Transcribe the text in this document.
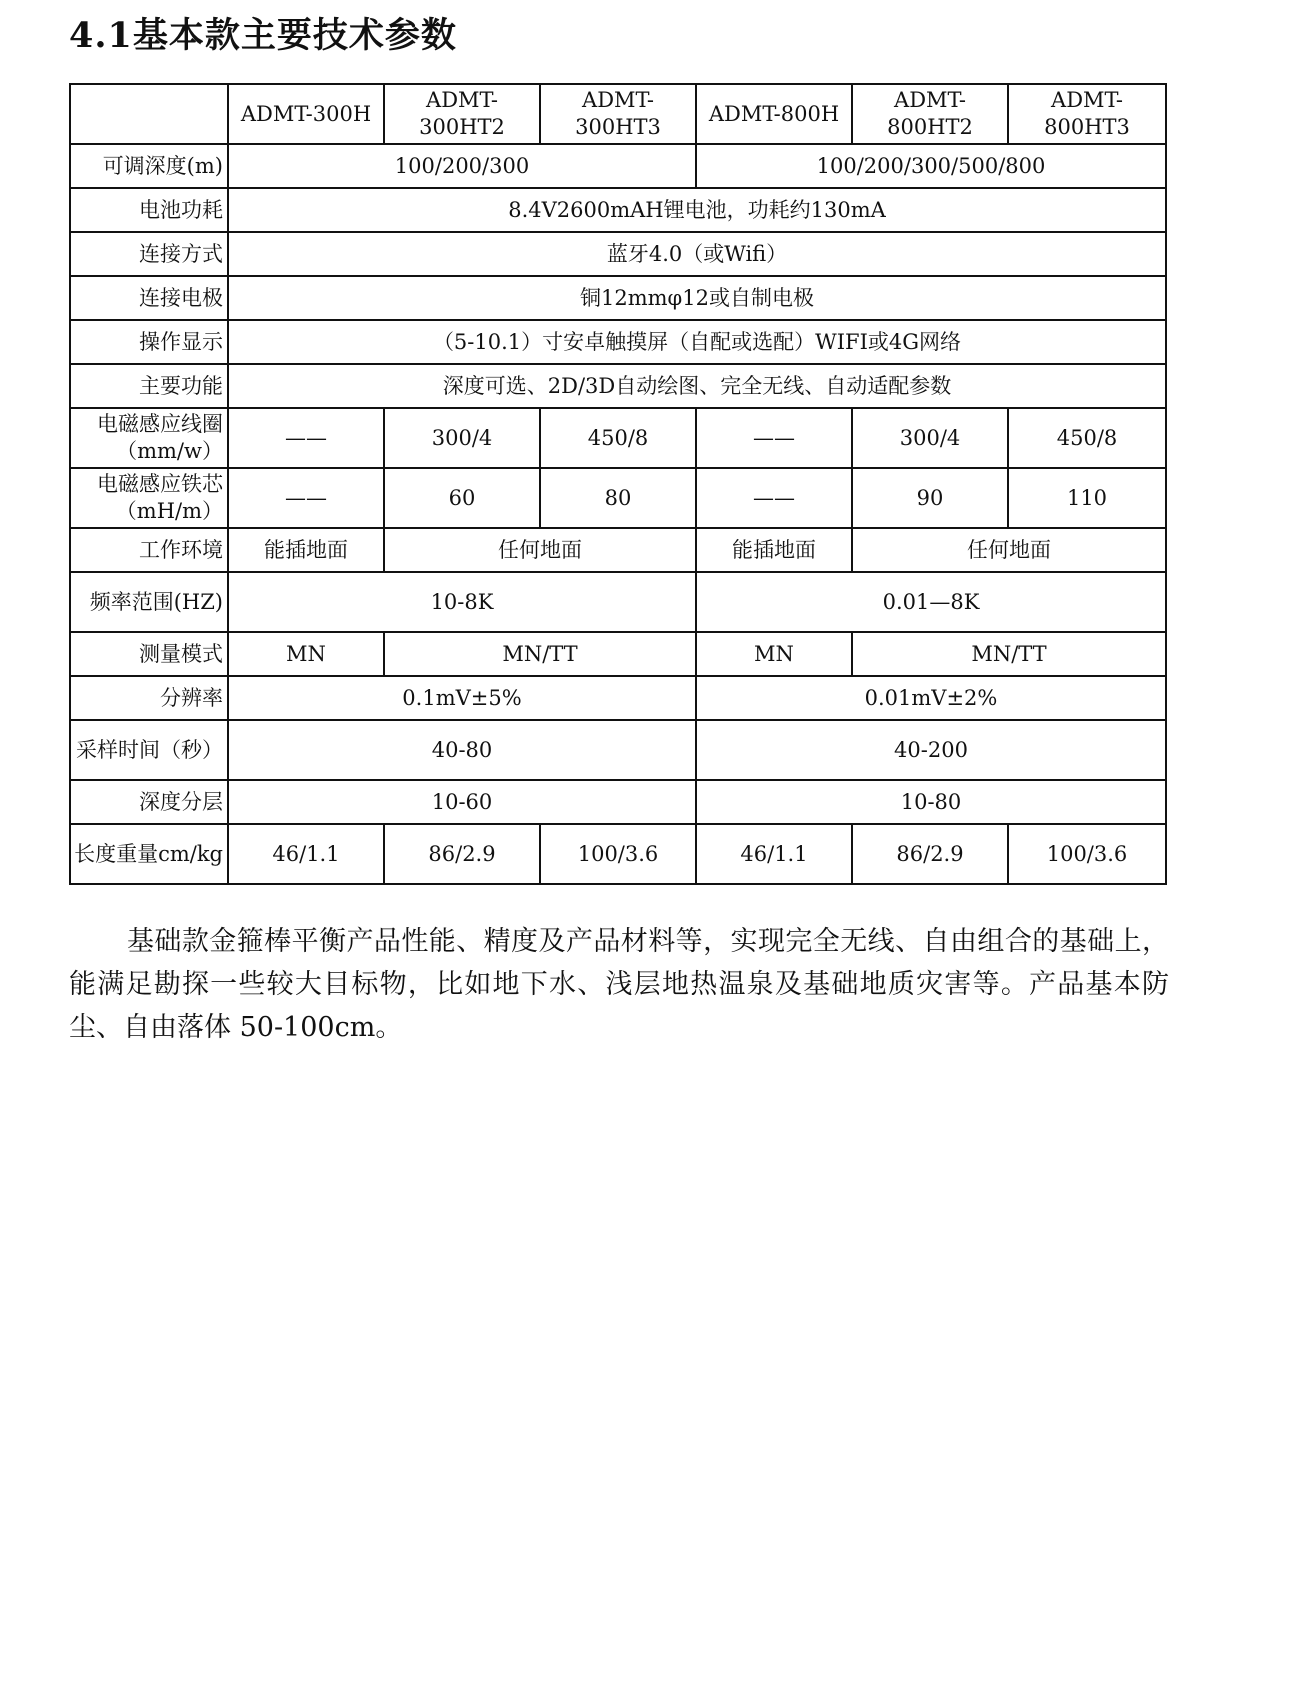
4.1基本款主要技术参数
	ADMT-300H	ADMT-300HT2	ADMT-300HT3	ADMT-800H	ADMT-800HT2	ADMT-800HT3
可调深度(m)	100/200/300			100/200/300/500/800		
电池功耗	8.4V2600mAH锂电池，功耗约130mA					
连接方式	蓝牙4.0（或Wifi）					
连接电极	铜12mmφ12或自制电极					
操作显示	（5-10.1）寸安卓触摸屏（自配或选配）WIFI或4G网络					
主要功能	深度可选、2D/3D自动绘图、完全无线、自动适配参数					
电磁感应线圈（mm/w）	——	300/4	450/8	——	300/4	450/8
电磁感应铁芯（mH/m）	——	60	80	——	90	110
工作环境	能插地面	任何地面		能插地面	任何地面	
频率范围(HZ)	10-8K			0.01—8K		
测量模式	MN	MN/TT		MN	MN/TT	
分辨率	0.1mV±5%			0.01mV±2%		
采样时间（秒）	40-80			40-200		
深度分层	10-60			10-80		
长度重量cm/kg	46/1.1	86/2.9	100/3.6	46/1.1	86/2.9	100/3.6
基础款金箍棒平衡产品性能、精度及产品材料等，实现完全无线、自由组合的基础上，能满足勘探一些较大目标物，比如地下水、浅层地热温泉及基础地质灾害等。产品基本防尘、自由落体 50-100cm。
